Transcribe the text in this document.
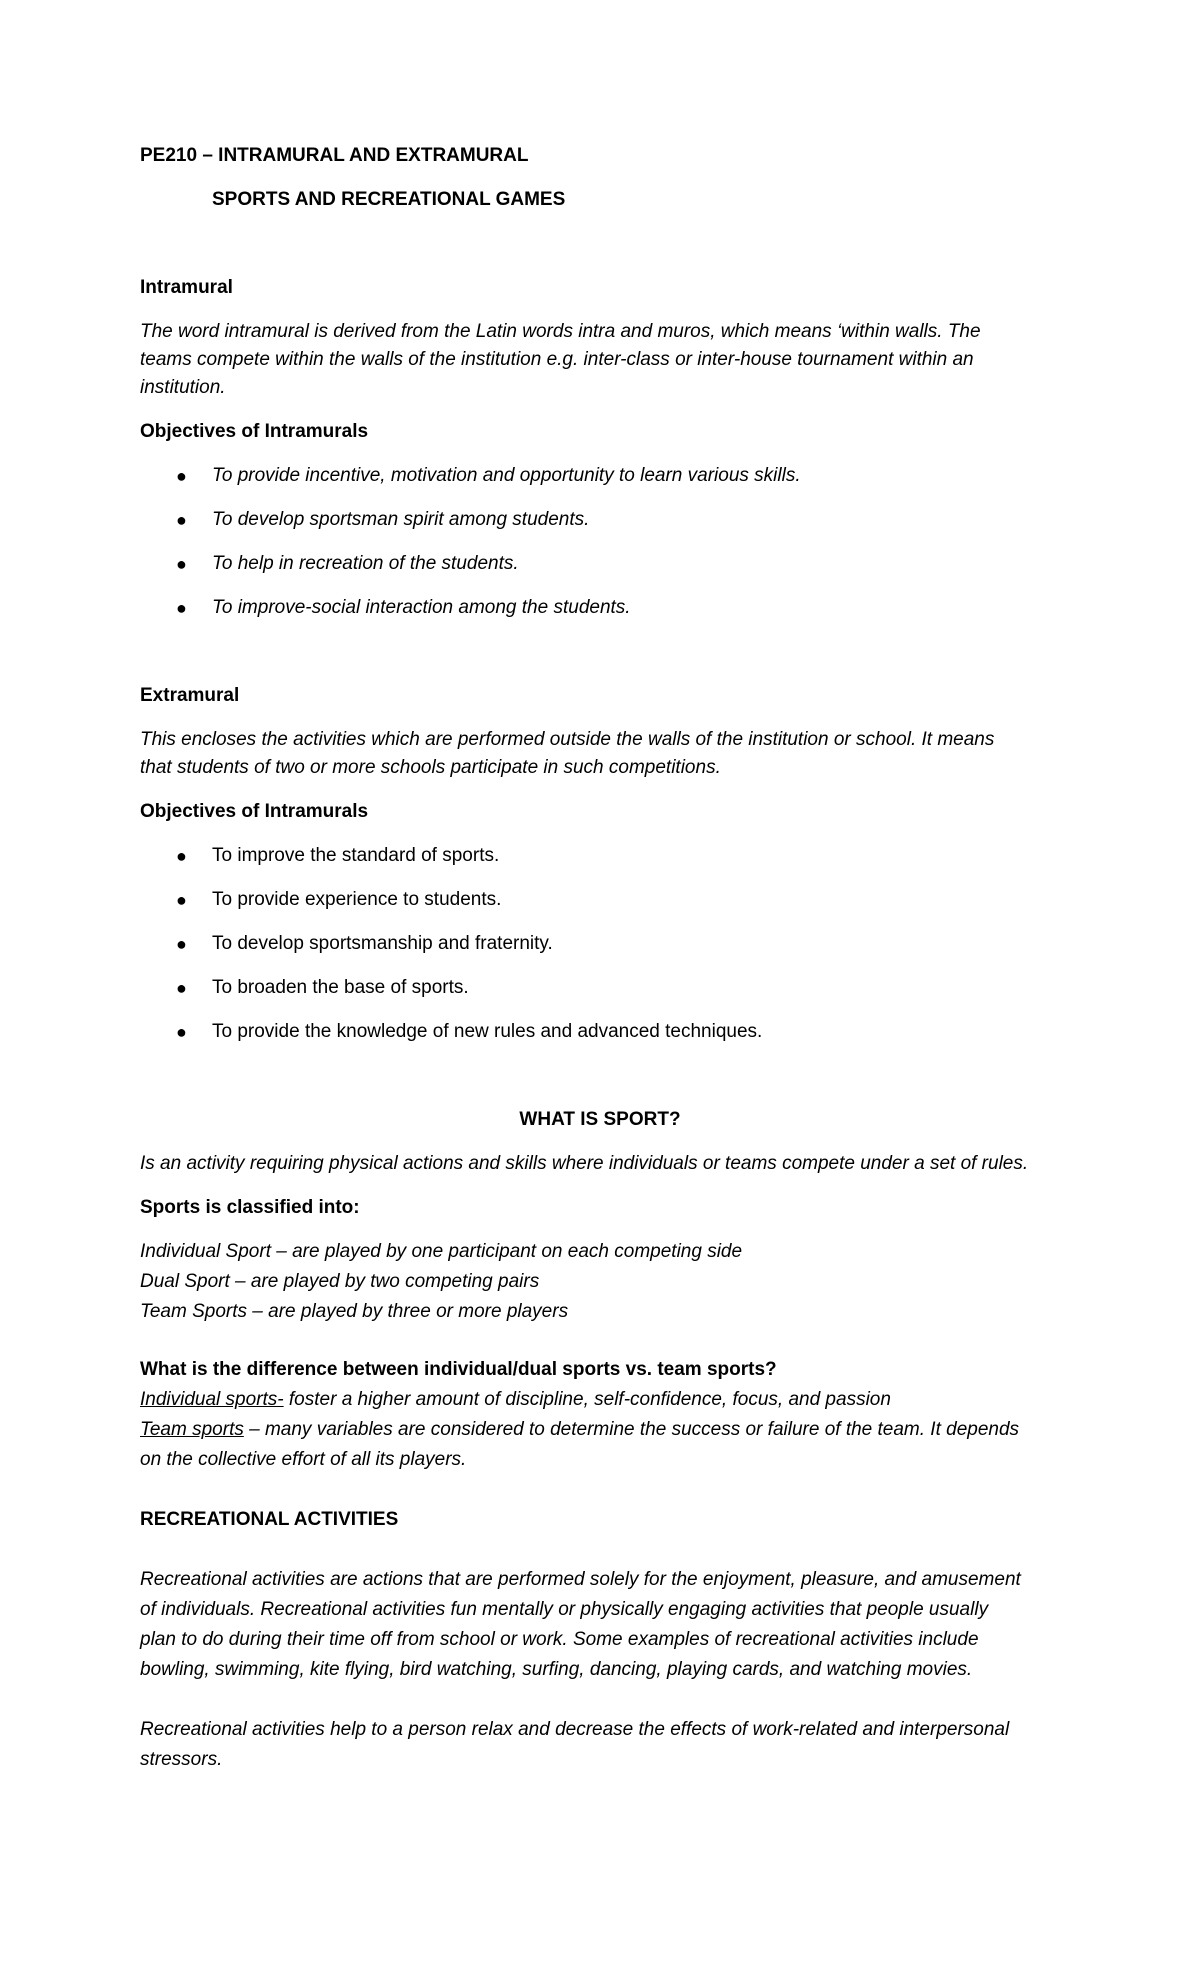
PE210 – INTRAMURAL AND EXTRAMURAL
SPORTS AND RECREATIONAL GAMES
Intramural
The word intramural is derived from the Latin words intra and muros, which means ‘within walls. The
teams compete within the walls of the institution e.g. inter-class or inter-house tournament within an
institution.
Objectives of Intramurals
● To provide incentive, motivation and opportunity to learn various skills.
● To develop sportsman spirit among students.
● To help in recreation of the students.
● To improve-social interaction among the students.
Extramural
This encloses the activities which are performed outside the walls of the institution or school. It means
that students of two or more schools participate in such competitions.
Objectives of Intramurals
● To improve the standard of sports.
● To provide experience to students.
● To develop sportsmanship and fraternity.
● To broaden the base of sports.
● To provide the knowledge of new rules and advanced techniques.
WHAT IS SPORT?
Is an activity requiring physical actions and skills where individuals or teams compete under a set of rules.
Sports is classified into:
Individual Sport – are played by one participant on each competing side
Dual Sport – are played by two competing pairs
Team Sports – are played by three or more players
What is the difference between individual/dual sports vs. team sports?
Individual sports- foster a higher amount of discipline, self-confidence, focus, and passion
Team sports – many variables are considered to determine the success or failure of the team. It depends
on the collective effort of all its players.
RECREATIONAL ACTIVITIES
Recreational activities are actions that are performed solely for the enjoyment, pleasure, and amusement
of individuals. Recreational activities fun mentally or physically engaging activities that people usually
plan to do during their time off from school or work. Some examples of recreational activities include
bowling, swimming, kite flying, bird watching, surfing, dancing, playing cards, and watching movies.
Recreational activities help to a person relax and decrease the effects of work-related and interpersonal
stressors.
